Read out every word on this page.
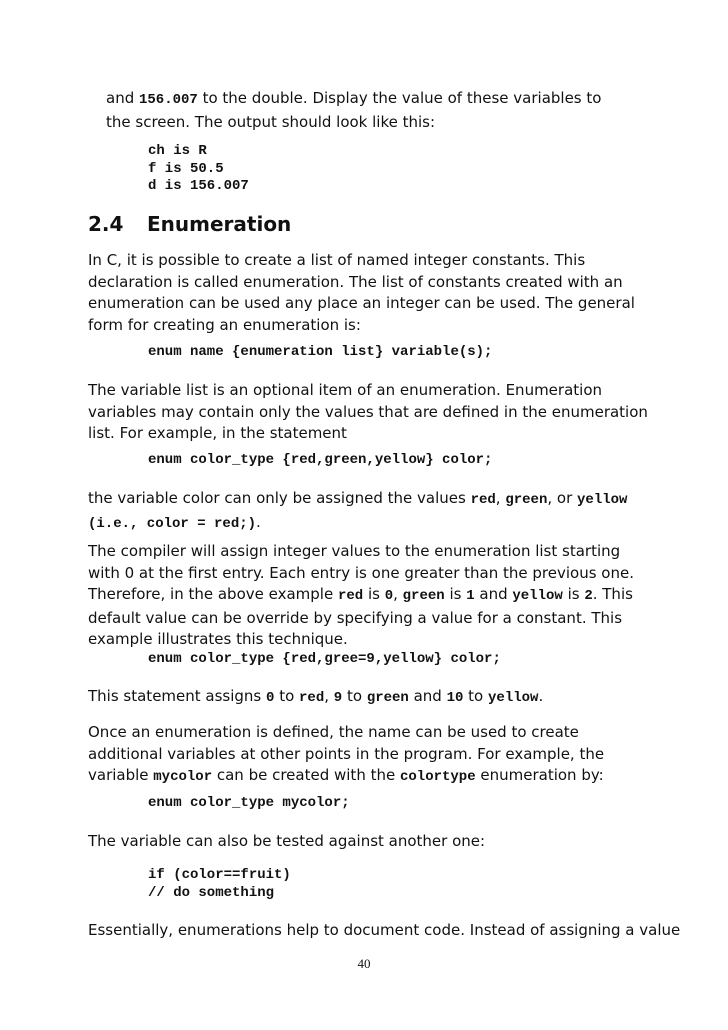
and 156.007 to the double. Display the value of these variables to the screen. The output should look like this:

ch is R
f is 50.5
d is 156.007
2.4 Enumeration

In C, it is possible to create a list of named integer constants. This declaration is called enumeration. The list of constants created with an enumeration can be used any place an integer can be used. The general form for creating an enumeration is:

enum name {enumeration list} variable(s);

The variable list is an optional item of an enumeration. Enumeration variables may contain only the values that are defined in the enumeration list. For example, in the statement

enum color_type {red,green,yellow} color;

the variable color can only be assigned the values red, green, or yellow
(i.e., color = red;).

The compiler will assign integer values to the enumeration list starting with 0 at the first entry. Each entry is one greater than the previous one. Therefore, in the above example red is 0, green is 1 and yellow is 2. This default value can be override by specifying a value for a constant. This example illustrates this technique.

enum color_type {red,gree=9,yellow} color;

This statement assigns 0 to red, 9 to green and 10 to yellow.

Once an enumeration is defined, the name can be used to create additional variables at other points in the program. For example, the variable mycolor can be created with the colortype enumeration by:

enum color_type mycolor;

The variable can also be tested against another one:

if (color==fruit)
// do something

Essentially, enumerations help to document code. Instead of assigning a value

40
